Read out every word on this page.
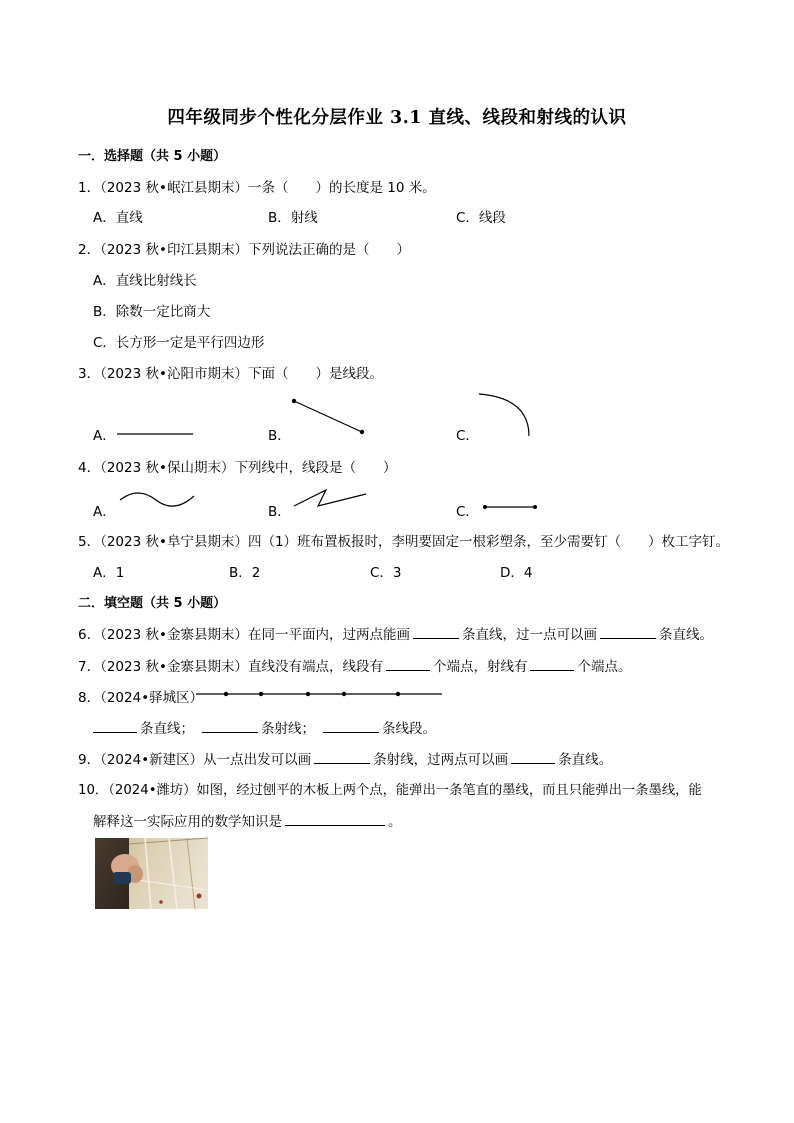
四年级同步个性化分层作业 3.1 直线、线段和射线的认识
一．选择题（共 5 小题）
1．（2023 秋•岷江县期末）一条（　　）的长度是 10 米。
A．直线	B．射线	C．线段
2．（2023 秋•印江县期末）下列说法正确的是（　　）
A．直线比射线长
B．除数一定比商大
C．长方形一定是平行四边形
3．（2023 秋•沁阳市期末）下面（　　）是线段。
A．	B．	C．
4．（2023 秋•保山期末）下列线中，线段是（　　）
A．	B．	C．
5．（2023 秋•阜宁县期末）四（1）班布置板报时，李明要固定一根彩塑条，至少需要钉（　　）枚工字钉。
A．1	B．2	C．3	D．4
二．填空题（共 5 小题）
6．（2023 秋•金寨县期末）在同一平面内，过两点能画	条直线，过一点可以画	条直线。
7．（2023 秋•金寨县期末）直线没有端点，线段有	个端点，射线有	个端点。
8．（2024•驿城区）
条直线；	条射线；	条线段。
9．（2024•新建区）从一点出发可以画	条射线，过两点可以画	条直线。
10．（2024•潍坊）如图，经过刨平的木板上两个点，能弹出一条笔直的墨线，而且只能弹出一条墨线，能
解释这一实际应用的数学知识是	。
